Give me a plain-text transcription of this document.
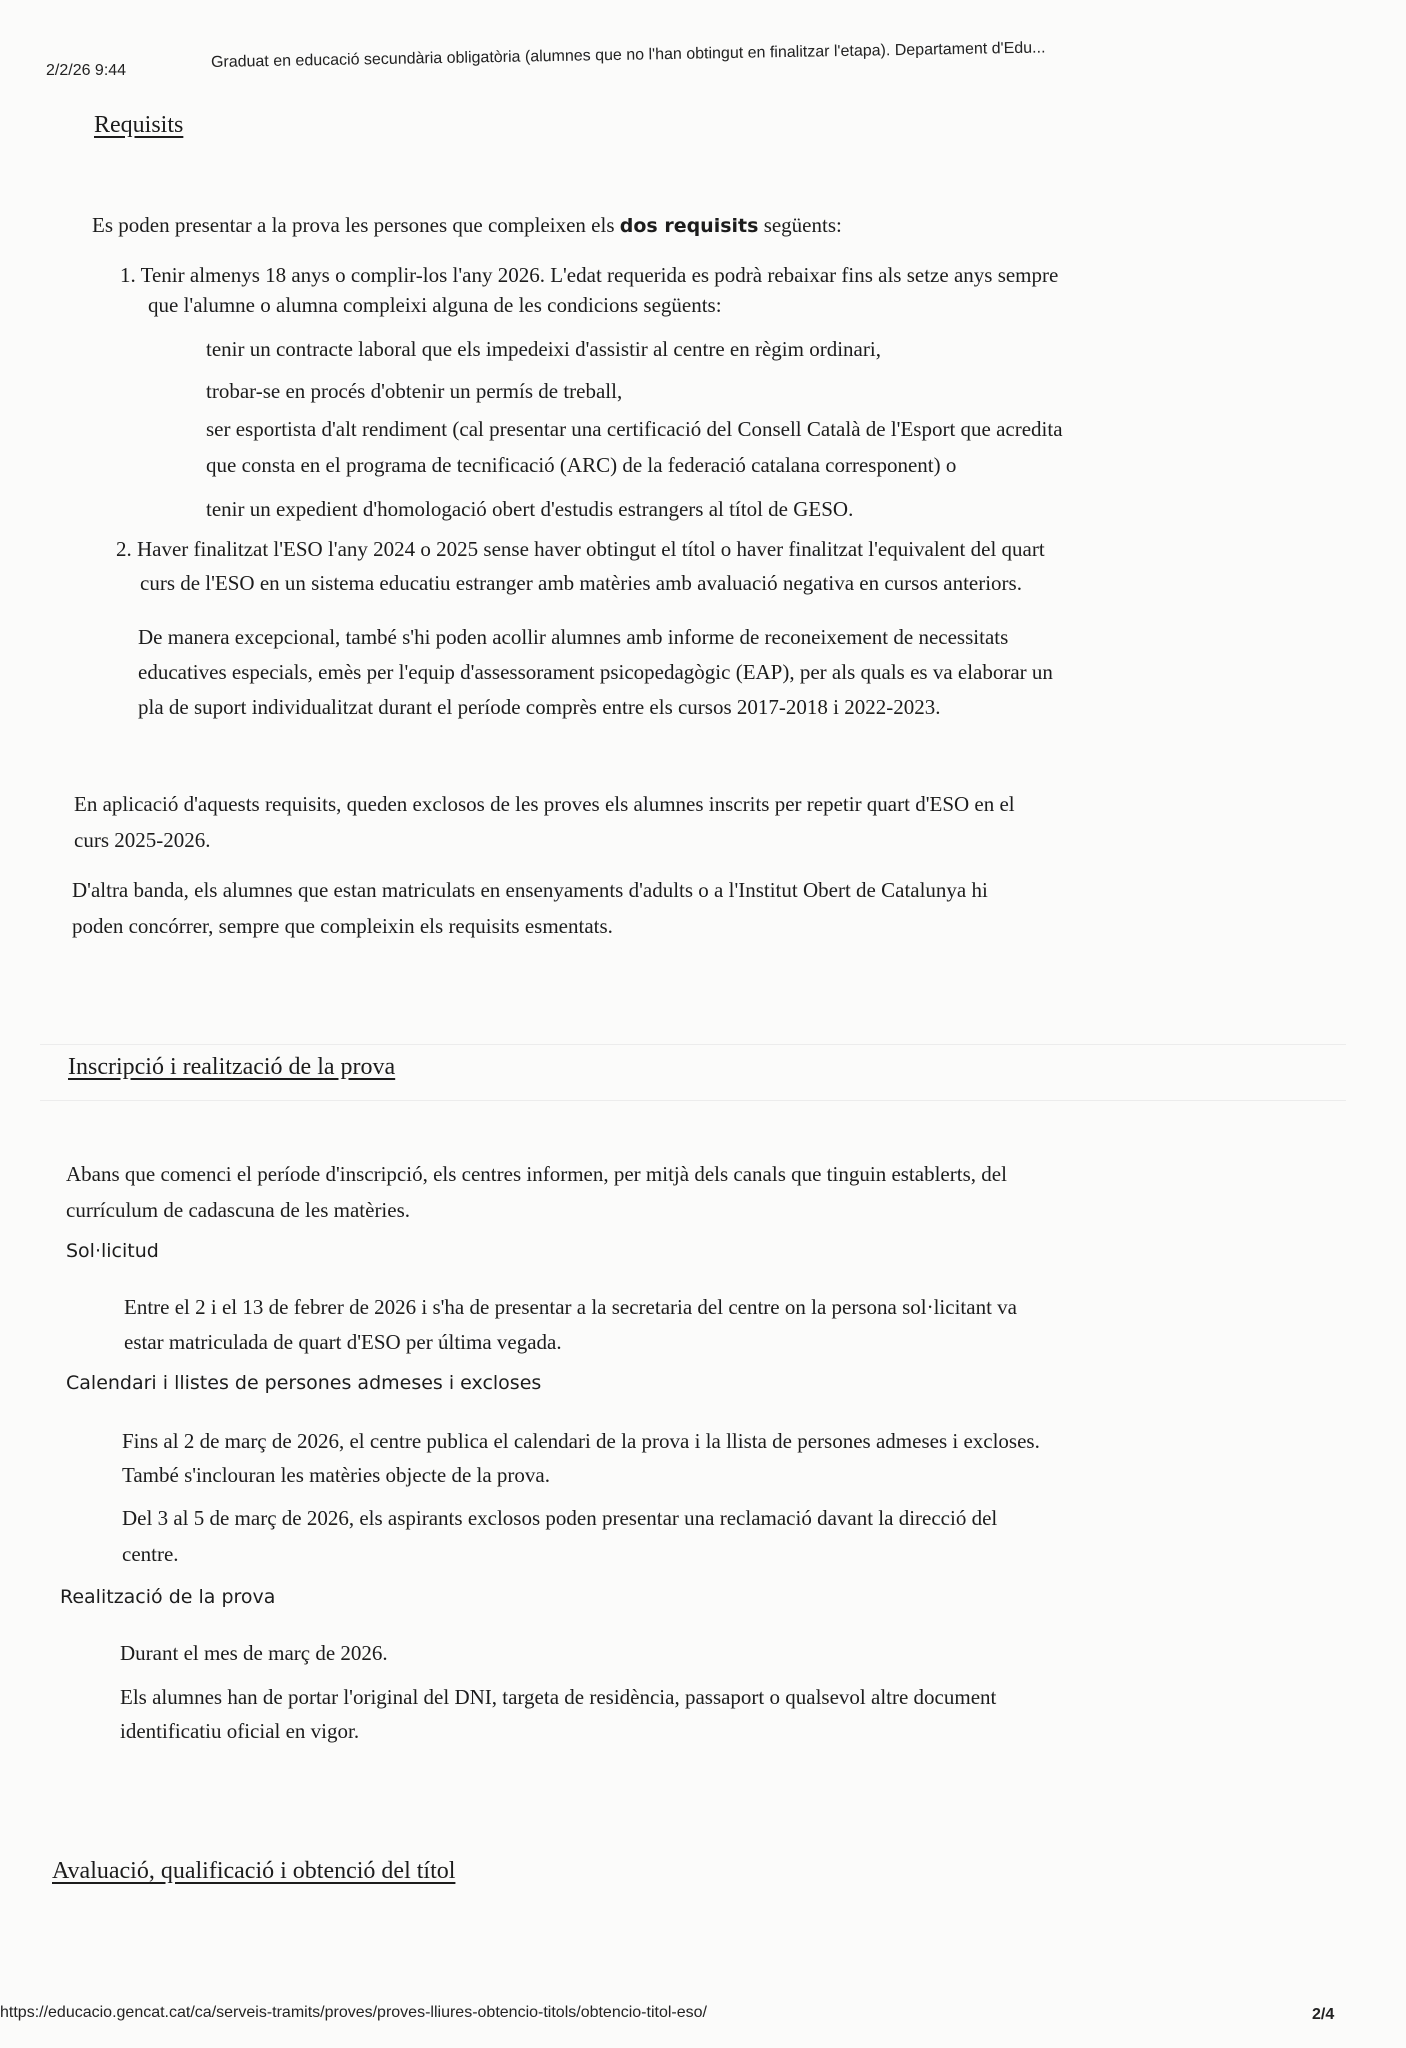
2/2/26 9:44	Graduat en educació secundària obligatòria (alumnes que no l'han obtingut en finalitzar l'etapa). Departament d'Edu...
Requisits
Es poden presentar a la prova les persones que compleixen els dos requisits següents:
1. Tenir almenys 18 anys o complir-los l'any 2026. L'edat requerida es podrà rebaixar fins als setze anys sempre
que l'alumne o alumna compleixi alguna de les condicions següents:
tenir un contracte laboral que els impedeixi d'assistir al centre en règim ordinari,
trobar-se en procés d'obtenir un permís de treball,
ser esportista d'alt rendiment (cal presentar una certificació del Consell Català de l'Esport que acredita
que consta en el programa de tecnificació (ARC) de la federació catalana corresponent) o
tenir un expedient d'homologació obert d'estudis estrangers al títol de GESO.
2. Haver finalitzat l'ESO l'any 2024 o 2025 sense haver obtingut el títol o haver finalitzat l'equivalent del quart
curs de l'ESO en un sistema educatiu estranger amb matèries amb avaluació negativa en cursos anteriors.
De manera excepcional, també s'hi poden acollir alumnes amb informe de reconeixement de necessitats
educatives especials, emès per l'equip d'assessorament psicopedagògic (EAP), per als quals es va elaborar un
pla de suport individualitzat durant el període comprès entre els cursos 2017-2018 i 2022-2023.
En aplicació d'aquests requisits, queden exclosos de les proves els alumnes inscrits per repetir quart d'ESO en el
curs 2025-2026.
D'altra banda, els alumnes que estan matriculats en ensenyaments d'adults o a l'Institut Obert de Catalunya hi
poden concórrer, sempre que compleixin els requisits esmentats.
Inscripció i realització de la prova
Abans que comenci el període d'inscripció, els centres informen, per mitjà dels canals que tinguin establerts, del
currículum de cadascuna de les matèries.
Sol·licitud
Entre el 2 i el 13 de febrer de 2026 i s'ha de presentar a la secretaria del centre on la persona sol·licitant va
estar matriculada de quart d'ESO per última vegada.
Calendari i llistes de persones admeses i excloses
Fins al 2 de març de 2026, el centre publica el calendari de la prova i la llista de persones admeses i excloses.
També s'inclouran les matèries objecte de la prova.
Del 3 al 5 de març de 2026, els aspirants exclosos poden presentar una reclamació davant la direcció del
centre.
Realització de la prova
Durant el mes de març de 2026.
Els alumnes han de portar l'original del DNI, targeta de residència, passaport o qualsevol altre document
identificatiu oficial en vigor.
Avaluació, qualificació i obtenció del títol
https://educacio.gencat.cat/ca/serveis-tramits/proves/proves-lliures-obtencio-titols/obtencio-titol-eso/	2/4
